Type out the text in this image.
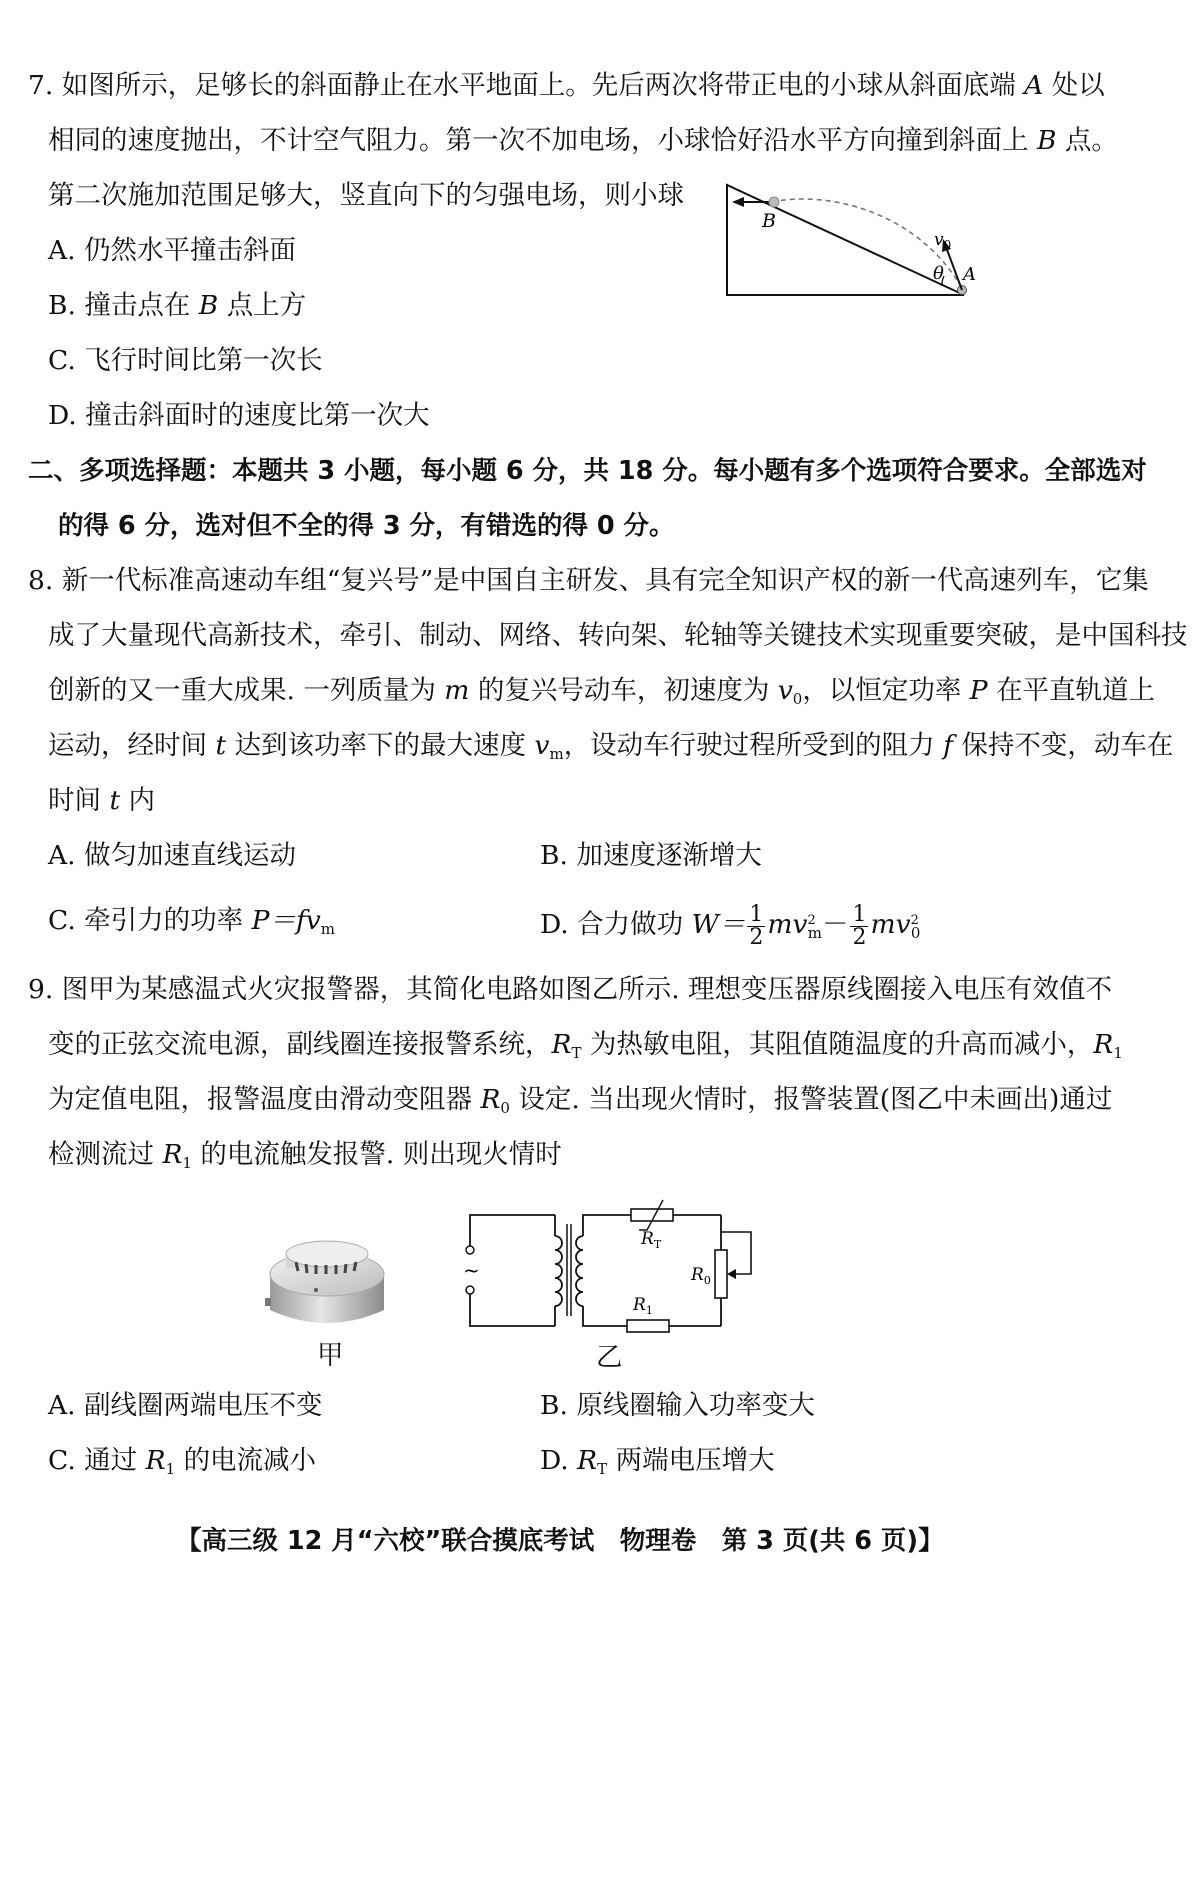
7. 如图所示，足够长的斜面静止在水平地面上。先后两次将带正电的小球从斜面底端 A 处以
相同的速度抛出，不计空气阻力。第一次不加电场，小球恰好沿水平方向撞到斜面上 B 点。
第二次施加范围足够大，竖直向下的匀强电场，则小球
A. 仍然水平撞击斜面
B. 撞击点在 B 点上方
C. 飞行时间比第一次长
D. 撞击斜面时的速度比第一次大
B
$v_0$
θ A
二、多项选择题：本题共 3 小题，每小题 6 分，共 18 分。每小题有多个选项符合要求。全部选对
的得 6 分，选对但不全的得 3 分，有错选的得 0 分。
8. 新一代标准高速动车组“复兴号”是中国自主研发、具有完全知识产权的新一代高速列车，它集
成了大量现代高新技术，牵引、制动、网络、转向架、轮轴等关键技术实现重要突破，是中国科技
创新的又一重大成果. 一列质量为 m 的复兴号动车，初速度为 $v_0$，以恒定功率 P 在平直轨道上
运动，经时间 t 达到该功率下的最大速度 $v_m$，设动车行驶过程所受到的阻力 f 保持不变，动车在
时间 t 内
A. 做匀加速直线运动	B. 加速度逐渐增大
C. 牵引力的功率 $P=fv_m$	D. 合力做功 $W= \frac{1}{2} mv^2_m- \frac{1}{2} mv^2_0$
9. 图甲为某感温式火灾报警器，其简化电路如图乙所示. 理想变压器原线圈接入电压有效值不
变的正弦交流电源，副线圈连接报警系统，$R_T$ 为热敏电阻，其阻值随温度的升高而减小，$R_1$
为定值电阻，报警温度由滑动变阻器 $R_0$ 设定. 当出现火情时，报警装置(图乙中未画出)通过
检测流过 $R_1$ 的电流触发报警. 则出现火情时
甲
~
$R_T$
$R_0$
$R_1$
乙
A. 副线圈两端电压不变	B. 原线圈输入功率变大
C. 通过 $R_1$ 的电流减小	D. $R_T$ 两端电压增大
【高三级 12 月“六校”联合摸底考试　物理卷　第 3 页(共 6 页)】
